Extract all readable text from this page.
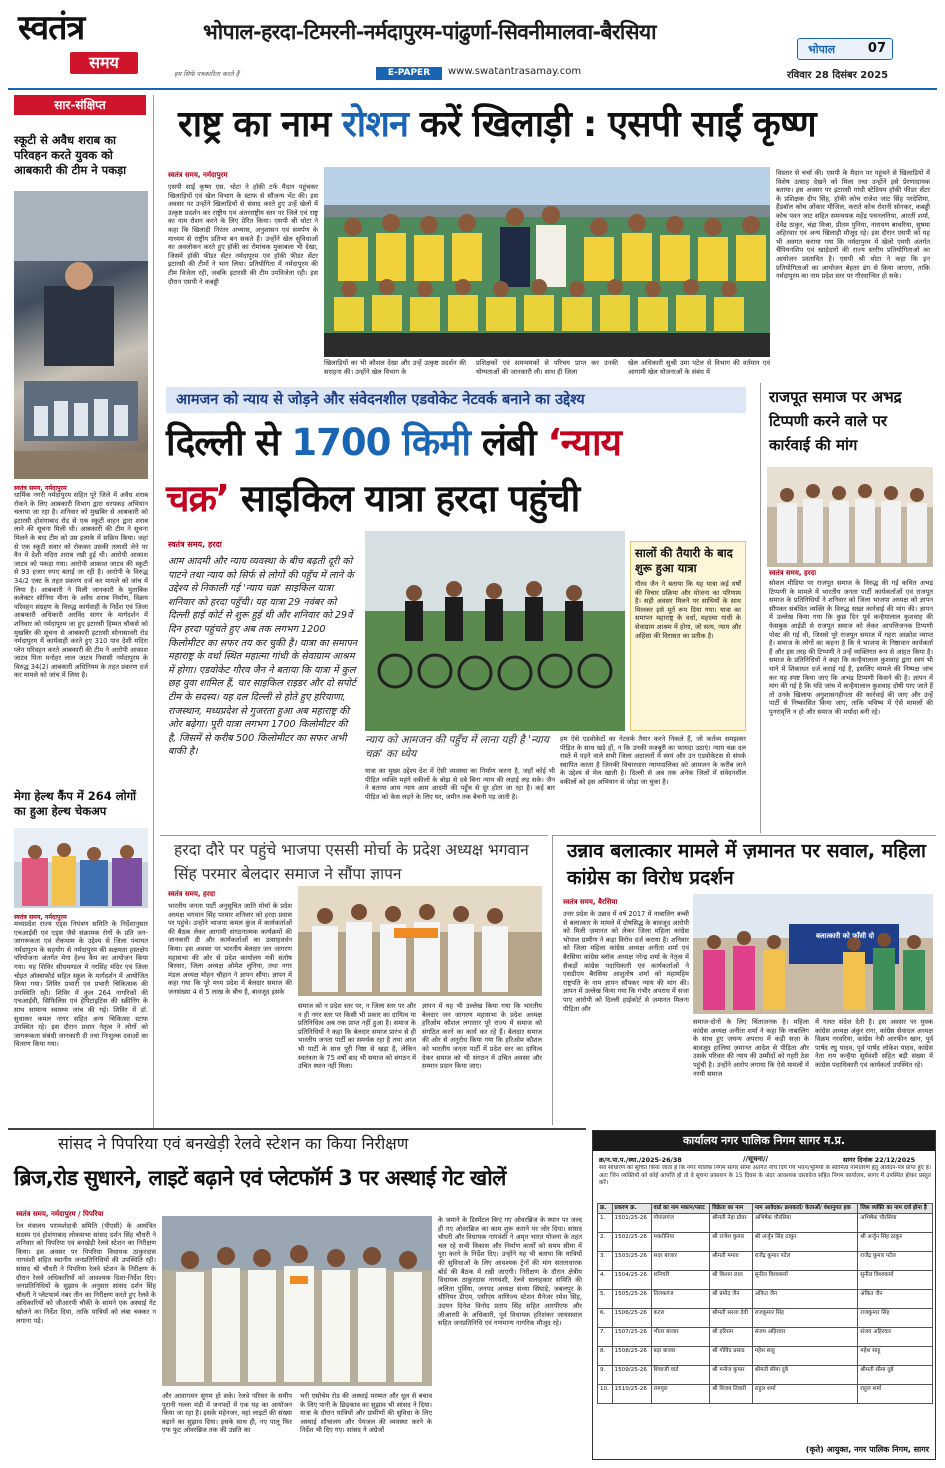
स्वतंत्र
समय
हम सिर्फ पत्रकारिता करते हैं
भोपाल-हरदा-टिमरनी-नर्मदापुरम-पांढुर्णा-सिवनीमालवा-बैरसिया
E-PAPER	www.swatantrasamay.com
भोपाल	07
रविवार 28 दिसंबर 2025
सार-संक्षिप्त
स्कूटी से अवैध शराब का परिवहन करते युवक को आबकारी की टीम ने पकड़ा
स्वतंत्र समय, नर्मदापुरम
धार्मिक नगरी नर्मदापुरम सहित पूरे जिले में अवैध शराब रोकने के लिए आबकारी विभाग द्वारा धरपकड़ अभियान चलाया जा रहा है। शनिवार को मुखबिर से आबकारी को इटारसी होशंगाबाद रोड से एक स्कूटी वाहन द्वारा शराब लाने की सूचना मिली थी। आबकारी की टीम ने सूचना मिलने के बाद टीम को उस इलाके में सक्रिय किया। जहां से एक स्कूटी सवार को रोककर उसकी तलाशी लेने पर वैन में देशी मदिरा शराब रखी हुई थी। आरोपी आकाश जाटव को पकड़ा गया। आरोपी आकाश जाटव की स्कूटी से 93 हजार रुपए बताई जा रही है। आरोपी के विरुद्ध 34/2 एक्ट के तहत प्रकरण दर्ज कर मामले को जांच में लिया है। आबकारी ने मिली जानकारी के मुताबिक कलेक्टर सोनिया मीना के अवैध शराब निर्माण, विक्रय परिवहन संग्रहण के विरुद्ध कार्यवाही के निर्देश एवं जिला आबकारी अधिकारी अरविंद सागर के मार्गदर्शन में शनिवार को नर्मदापुरम जा हुए इटारसी हिम्मत चौकसे को मुखबिर की सूचना से आबकारी इटारसी सोनासावरी रोड नर्मदापुरम में कार्यवाही करते हुए 310 पाव देशी मदिरा प्लेन परिवहन करते आबकारी की टीम ने आरोपी आकाश जाटव पिता मनोहर लाल जाटव निवासी नर्मदापुरम के विरुद्ध 34(2) आबकारी अधिनियम के तहत प्रकरण दर्ज कर मामले को जांच में लिया है।
मेगा हेल्थ कैंप में 264 लोगों का हुआ हेल्थ चेकअप
स्वतंत्र समय, नर्मदापुरम
मध्यप्रदेश राज्य एड्स नियंत्रण समिति के निर्देशानुसार एचआईवी एवं एड्स जैसे संक्रामक रोगों के प्रति जन-जागरूकता एवं रोकथाम के उद्देश्य से जिला पंचायत नर्मदापुरम के सहयोग से नर्मदापुरम की सक्षमता हस्तक्षेप परियोजना अंतर्गत मेगा हेल्थ कैंप का आयोजन किया गया। यह शिविर सीधमण्डल में नरसिंह मंदिर एवं जिला चोइत ऑक्सफोर्ड सहित स्कूल के मार्गदर्शन में आयोजित किया गया। शिविर प्रभारी एवं प्रभारी चिकित्सक की उपस्थिति रही। शिविर में कुल 264 नागरिकों की एचआईवी, सिफिलिस एवं हेपिटाइटिस की स्क्रीनिंग के साथ सामान्य स्वास्थ्य जांच की गई। शिविर में डॉ. सुधाकर कमल नागर सहित अन्य चिकित्सा स्टाफ उपस्थित रहे। इस दौरान प्रधान नेतृत्व ने लोगों को जागरूकता संबंधी जानकारी दी तथा निःशुल्क दवाओं का वितरण किया गया।
राष्ट्र का नाम रोशन करें खिलाड़ी : एसपी साईं कृष्ण
स्वतंत्र समय, नर्मदापुरम
एसपी साईं कृष्ण एस. थोटा ने हॉकी टर्फ मैदान पहुंचकर खिलाड़ियों एवं खेल विभाग के स्टाफ से सौजन्य भेंट की। इस अवसर पर उन्होंने खिलाड़ियों से संवाद करते हुए उन्हें खेलों में उत्कृष्ट प्रदर्शन कर राष्ट्रीय एवं अंतरराष्ट्रीय स्तर पर जिले एवं राष्ट्र का नाम रोशन करने के लिए प्रेरित किया। एसपी श्री थोटा ने कहा कि खिलाड़ी निरंतर अभ्यास, अनुशासन एवं समर्पण के माध्यम से राष्ट्रीय प्रतिभा बन सकते हैं। उन्होंने खेल सुविधाओं का अवलोकन करते हुए हॉकी का रोमांचक मुकाबला भी देखा, जिसमें हॉकी फीडर सेंटर नर्मदापुरम एवं हॉकी फीडर सेंटर इटारसी की टीमों ने भाग लिया। प्रतियोगिता में नर्मदापुरम की टीम विजेता रही, जबकि इटारसी की टीम उपविजेता रही। इस दौरान एसपी ने कबड्डी
खिलाड़ियों का भी कौशल देखा और उन्हें उत्कृष्ट प्रदर्शन की सराहना की। उन्होंने खेल विभाग के
प्रशिक्षकों एवं समन्वयकों से परिचय प्राप्त कर उनकी योग्यताओं की जानकारी ली। साथ ही जिला
खेल अधिकारी सुश्री उमा पटेल से विभाग की वर्तमान एवं आगामी खेल योजनाओं के संबंध में
विस्तार से चर्चा की। एसपी के मैदान पर पहुंचने से खिलाड़ियों में विशेष उत्साह देखने को मिला तथा उन्होंने इसे प्रेरणादायक बताया। इस अवसर पर इटारसी गांधी स्टेडियम हॉकी फीडर सेंटर के प्रशिक्षक दीप सिंह, हॉकी कोच राजेश जाट सिंह परदेशिया, हैंडबॉल कोच ओंकार मीजिल, कराते कोच रोशनी सोनकर, कबड्डी कोच पवन जाट सहित समन्वयक महेंद्र पचनलनिया, आरती शर्मा, देवेंद्र ठाकुर, चंद्रा मिश्रा, प्रीतम पुनिया, नारायण बाथरिया, सुषमा अहिरवार एवं अन्य खिलाड़ी मौजूद रहे। इस दौरान एसपी को यह भी अवगत कराया गया कि नर्मदापुरम में खेलो एमपी अंतर्गत चैंपियनशिप एवं खाड़ेदारों की राज्य स्तरीय प्रतियोगिताओं का आयोजन प्रस्तावित है। एसपी श्री थोटा ने कहा कि इन प्रतियोगिताओं का आयोजन बेहतर ढंग से किया जाएगा, ताकि नर्मदापुरम का नाम प्रदेश स्तर पर गौरवान्वित हो सके।
आमजन को न्याय से जोड़ने और संवेदनशील एडवोकेट नेटवर्क बनाने का उद्देश्य
दिल्ली से 1700 किमी लंबी ‘न्याय
चक्र’ साइकिल यात्रा हरदा पहुंची
स्वतंत्र समय, हरदा
आम आदमी और न्याय व्यवस्था के बीच बढ़ती दूरी को पाटने तथा न्याय को सिर्फ से लोगों की पहुँच में लाने के उद्देश्य से निकाली गई 'न्याय चक्र' साइकिल यात्रा शनिवार को हरदा पहुँची। यह यात्रा 29 नवंबर को दिल्ली हाई कोर्ट से शुरू हुई थी और शनिवार को 29वें दिन हरदा पहुंचते हुए अब तक लगभग 1200 किलोमीटर का सफर तय कर चुकी है। यात्रा का समापन महाराष्ट्र के वर्धा स्थित महात्मा गांधी के सेवाग्राम आश्रम में होगा। एडवोकेट गौरव जैन ने बताया कि यात्रा में कुल छह युवा शामिल हैं, चार साइकिल राइडर और दो सपोर्ट टीम के सदस्य। यह दल दिल्ली से होते हुए हरियाणा, राजस्थान, मध्यप्रदेश से गुजरता हुआ अब महाराष्ट्र की ओर बढ़ेगा। पूरी यात्रा लगभग 1700 किलोमीटर की है, जिसमें से करीब 500 किलोमीटर का सफर अभी बाकी है।
सालों की तैयारी के बाद शुरू हुआ यात्रा
गौरव जैन ने बताया कि यह यात्रा कई वर्षों की विचार प्रक्रिया और योजना का परिणाम है। सही अवसर मिलने पर साथियों के साथ मिलकर इसे मूर्त रूप दिया गया। यात्रा का समापन महाराष्ट्र के वर्धा, महात्मा गांधी के सेवाग्राम आश्रम में होगा, जो सत्य, न्याय और अहिंसा की विरासत का प्रतीक है।
न्याय को आमजन की पहुँच में लाना यही है 'न्याय चक्र' का ध्येय
यात्रा का मुख्य उद्देश्य देश में ऐसी व्यवस्था का निर्माण करना है, जहाँ कोई भी पीड़ित व्यक्ति महंगे वकीलों के बोझ से दबे बिना न्याय की लड़ाई लड़ सके। जैन ने बताया आम न्याय आम आदमी की पहुँच से दूर होता जा रहा है। कई बार पीड़ित को केस लड़ने के लिए घर, जमीन तक बेचनी पड़ जाती है।
हम ऐसे एडवोकेटों का नेटवर्क तैयार करने निकले हैं, जो कर्तव्य समझकर पीड़ित के साथ खड़े हों, न कि उनकी मजबूरी का फायदा उठाएं। न्याय चक्र दल रास्ते में पड़ने वाले सभी जिला अदालतों में स्वयं और उन एडवोकेटस से संपर्क स्थापित करता है जिनकी विचारधारा न्यायपालिका को आमजन के करीब लाने के उद्देश्य से मेल खाती है। दिल्ली से अब तक अनेक जिलों में संवेदनशील वकीलों को इस अभियान से जोड़ा जा चुका है।
राजपूत समाज पर अभद्र टिप्पणी करने वाले पर कार्रवाई की मांग
स्वतंत्र समय, हरदा
सोशल मीडिया पर राजपूत समाज के विरुद्ध की गई कथित अभद्र टिप्पणी के मामले में भारतीय जनता पार्टी कार्यकर्ताओं एवं राजपूत समाज के प्रतिनिधियों ने शनिवार को जिला भाजपा अध्यक्ष को ज्ञापन सौंपकर संबंधित व्यक्ति के विरुद्ध सख्त कार्रवाई की मांग की। ज्ञापन में उल्लेख किया गया कि कुछ दिन पूर्व कन्हैयालाल कुशवाह की फेसबुक आईडी से राजपूत समाज को लेकर आपत्तिजनक टिप्पणी पोस्ट की गई थी, जिससे पूरे राजपूत समाज में गहरा आक्रोश व्याप्त है। समाज के लोगों का कहना है कि ये भाजपा के निष्ठावान कार्यकर्ता हैं और इस तरह की टिप्पणी ने उन्हें व्यक्तिगत रूप से आहत किया है। समाज के प्रतिनिधियों ने कहा कि कन्हैयालाल कुशवाह द्वारा स्वयं भी थाने में शिकायत दर्ज कराई गई है, इसलिए मामले की निष्पक्ष जांच कर यह स्पष्ट किया जाए कि अभद्र टिप्पणी किसने की है। ज्ञापन में मांग की गई है कि यदि जांच में कन्हैयालाल कुशवाह दोषी पाए जाते हैं तो उनके खिलाफ अनुशासनहीनता की कार्रवाई की जाए और उन्हें पार्टी से निष्कासित किया जाए, ताकि भविष्य में ऐसे मामलों की पुनरावृत्ति न हो और समाज की मर्यादा बनी रहे।
हरदा दौरे पर पहुंचे भाजपा एससी मोर्चा के प्रदेश अध्यक्ष भगवान सिंह परमार बेलदार समाज ने सौंपा ज्ञापन
स्वतंत्र समय, हरदा
भारतीय जनता पार्टी अनुसूचित जाति मोर्चा के प्रदेश अध्यक्ष भगवान सिंह परमार शनिवार को हरदा प्रवास पर पहुंचे। उन्होंने भाजपा कमल कुंज में कार्यकर्ताओं की बैठक लेकर आगामी संगठनात्मक कार्यक्रमों की जानकारी दी और कार्यकर्ताओं का उत्साहवर्धन किया। इस अवसर पर भारतीय बेलदार जन जागरण महासभा की ओर से प्रदेश कार्यालय मंत्री संतोष बिरवार, जिला अध्यक्ष ओमेश लुनिया, तथा नगर मंडल अध्यक्ष मोहन चौहान ने ज्ञापन सौंपा। ज्ञापन में कहा गया कि पूरे मध्य प्रदेश में बेलदार समाज की जनसंख्या 4 से 5 लाख के बीच है, बावजूद इसके
समाज को न प्रदेश स्तर पर, न जिला स्तर पर और न ही नगर स्तर पर किसी भी प्रकार का दायित्व या प्रतिनिधित्व अब तक प्राप्त नहीं हुआ है। समाज के प्रतिनिधियों ने कहा कि बेलदार समाज प्रारंभ से ही भारतीय जनता पार्टी का समर्थक रहा है तथा आज भी पार्टी के साथ पूरी निष्ठा से खड़ा है, लेकिन स्वतंत्रता के 75 वर्षों बाद भी समाज को संगठन में उचित स्थान नहीं मिला।
ज्ञापन में यह भी उल्लेख किया गया कि भारतीय बेलदार जन जागरण महासभा के प्रदेश अध्यक्ष हरिओम कौशल लगातार पूरे राज्य में समाज को संगठित करने का कार्य कर रहे हैं। बेलदार समाज की ओर से अनुरोध किया गया कि हरिओम कौशल को भारतीय जनता पार्टी में प्रदेश स्तर का दायित्व देकर समाज को भी संगठन में उचित अवसर और सम्मान प्रदान किया जाए।
उन्नाव बलात्कार मामले में ज़मानत पर सवाल, महिला कांग्रेस का विरोध प्रदर्शन
स्वतंत्र समय, बैरसिया
उत्तर प्रदेश के उन्नाव में वर्ष 2017 में नाबालिग बच्ची से बलात्कार के मामले में दोषसिद्ध के बावजूद आरोपी को मिली ज़मानत को लेकर जिला महिला कांग्रेस भोपाल ग्रामीण ने कड़ा विरोध दर्ज कराया है। शनिवार को जिला महिला कांग्रेस अध्यक्ष अनीता शर्मा एवं बैरसिया कांग्रेस ब्लॉक अध्यक्ष नरेन्द्र शर्मा के नेतृत्व में सैकड़ों कांग्रेस पदाधिकारी एवं कार्यकर्ताओं ने एसडीएम बैरसिया आशुतोष शर्मा को महामहिम राष्ट्रपति के नाम ज्ञापन सौंपकर न्याय की मांग की। ज्ञापन में उल्लेख किया गया कि गंभीर अपराध में सजा पाए आरोपी को दिल्ली हाईकोर्ट से ज़मानत मिलना पीड़िता और
बलात्कारी को फाँसी दो
समाज-दोनों के लिए चिंताजनक है। महिला कांग्रेस अध्यक्ष अनीता शर्मा ने कहा कि नाबालिग के साथ हुए जघन्य अपराध में कड़ी सज़ा के बावजूद हालिया ज़मानत आदेश से पीड़िता और उसके परिवार की न्याय की उम्मीदों को गहरी ठेस पहुंची है। उन्होंने आरोप लगाया कि ऐसे मामलों में नरमी समाज
में गलत संदेश देती है। इस अवसर पर युवक कांग्रेस अध्यक्ष अंकुर रागा, कांग्रेस सेवादल अध्यक्ष विक्रम नरवरिया, कांग्रेस नेत्री आरफीन खान, पूर्व पार्षद रघु यादव, पूर्व पार्षद लोकेश यादव, कांग्रेस नेता राम कन्हैया सूर्यवंशी सहित बड़ी संख्या में कांग्रेस पदाधिकारी एवं कार्यकर्ता उपस्थित रहे।
सांसद ने पिपरिया एवं बनखेड़ी रेलवे स्टेशन का किया निरीक्षण
ब्रिज,रोड सुधारने, लाइटें बढ़ाने एवं प्लेटफॉर्म 3 पर अस्थाई गेट खोलें
स्वतंत्र समय, नर्मदापुरम / पिपरिया
रेल मंत्रालय परामर्शदात्री समिति (पीएसी) के आमंत्रित सदस्य एवं होशंगाबाद लोकसभा सांसद दर्शन सिंह चौधरी ने शनिवार को पिपरिया एवं बनखेड़ी रेलवे स्टेशन का निरीक्षण किया। इस अवसर पर पिपरिया विधायक ठाकुरदास नागवंशी सहित स्थानीय जनप्रतिनिधियों की उपस्थिति रही। सांसद श्री चौधरी ने पिपरिया रेलवे स्टेशन के निरीक्षण के दौरान रेलवे अधिकारियों को आवश्यक दिशा-निर्देश दिए। जनप्रतिनिधियों के सुझाव के अनुसार सांसद दर्शन सिंह चौधरी ने प्लेटफार्म नंबर तीन का निरीक्षण करते हुए रेलवे के अधिकारियों को जीआरपी चौकी के सामने एक अस्थाई गेट खोलने का निर्देश दिया, ताकि यात्रियों को लंबा चक्कर न लगाना पड़े।
और आवागमन सुगम हो सके। रेलवे परिसर के समीप पुरानी गल्ला मंडी में जनपदों में एक यह का आयोजन किया जा रहा है। इसके महेनजर, वहां लाइटों की संख्या बढ़ाने का सुझाव दिया। इसके साथ ही, नए पालू फिर एफ फुट ओवरब्रिज तक की उन्नति का
भरी एसोचेम रोड की अस्थाई मरम्मत और धूल से बचाव के लिए पानी के छिड़काव का सुझाव भी सांसद ने दिया। यात्रा के दौरान यात्रियों और ग्रामीणों की सुविधा के लिए अस्थाई शौचालय और पेयजल की व्यवस्था करने के निर्देश भी दिए गए। सांसद ने अंग्रेजों
के जमाने के डिस्मेंटल किए गए ओवरब्रिज के स्थान पर जल्द ही नए ओवरब्रिज का काम शुरू कराने पर जोर दिया। सांसद चौधरी और विधायक नागवंशी ने अमृत भारत योजना के तहत चल रहे सभी विकास और निर्माण कार्यों को समय सीमा में पूरा करने के निर्देश दिए। उन्होंने यह भी बताया कि यात्रियों की सुविधाओं के लिए आवश्यक ट्रेनों की मांग सतताधारक बोर्ड की बैठक में रखी जाएगी। निरीक्षण के दौरान क्षेत्रीय विधायक ठाकुरदास नागवंशी, रेलवे सलाहकार समिति की ललिता पुर्विया, जनपद अध्यक्ष संध्या सिंघाड़े, जबलपुर के सीनियर डीएम, एसीएम वाणिज्य स्टेशन मैनेजर रमेश सिंह, उदयन दिनेश विनोद प्रताप सिंह सहित आरपीएफ और जीआरपी के अधिकारी, पूर्व विधायक हरिशंकर जायसवाल सहित जनप्रतिनिधि एवं गणमान्य नागरिक मौजूद रहे।
कार्यालय नगर पालिक निगम सागर म.प्र.
क्र/न.पा.प./स्था./2025-26/38	//सूचना//	सागर दिनांक 22/12/2025
सर्व साधारण को सूचित किया जाता है कि नगर पालिक निगम सागर सीमा अंतर्गत नीचे दिये गये भवन/भूमियों के स्वामित्व नामांतरण हेतु आवेदन-पत्र प्राप्त हुए हैं। अतः जिन व्यक्तियों को कोई आपत्ति हो तो वे सूचना प्रकाशन के 15 दिवस के अंदर आवश्यक दस्तावेज सहित निगम कार्यालय, सागर में उपस्थित होकर प्रस्तुत करें।
क्र.	प्रकरण क्र.	वार्ड का नाम मकान/प्लाट	विक्रेता का नाम	नाम आवेदक/ क्रयकर्ता/ केताओं/ वंशानुगत हक	जिस व्यक्ति का नाम दर्ज होना है
1.	1501/25-26	गोपालगंज	श्रीमती नेहा ग्रोवर	अभिषेक चौरसिया	अभिषेक चौरसिया
2.	1502/25-26	मकरोनिया	श्री राजेश कुमार	श्री अर्जुन सिंह ठाकुर	श्री अर्जुन सिंह ठाकुर
3.	1503/25-26	सदर बाजार	श्रीमती ममता	राजेंद्र कुमार पटेल	राजेंद्र कुमार पटेल
4.	1504/25-26	शनिचरी	श्री किशन लाल	सुनील विश्वकर्मा	सुनील विश्वकर्मा
5.	1505/25-26	तिलकगंज	श्री प्रमोद जैन	अंकित जैन	अंकित जैन
6.	1506/25-26	कटरा	श्रीमती सरला देवी	राजकुमार सिंह	राजकुमार सिंह
7.	1507/25-26	भीतर बाजार	श्री हरिराम	संजय अहिरवार	संजय अहिरवार
8.	1508/25-26	बड़ा बाजार	श्री गोविंद प्रसाद	महेश साहू	महेश साहू
9.	1509/25-26	शिवाजी वार्ड	श्री मनोज कुमार	श्रीमती सीमा दुबे	श्रीमती सीमा दुबे
10.	1510/25-26	रामपुरा	श्री विजय तिवारी	राहुल शर्मा	राहुल शर्मा
(कृते) आयुक्त, नगर पालिक निगम, सागर
